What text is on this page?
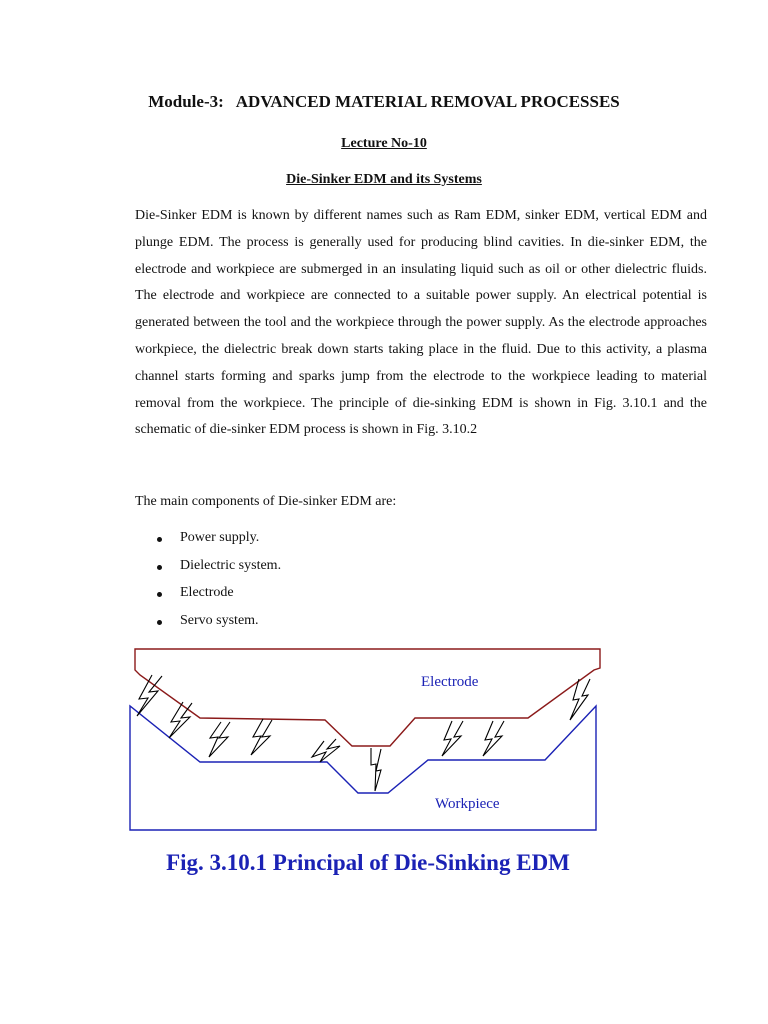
Module-3: ADVANCED MATERIAL REMOVAL PROCESSES
Lecture No-10
Die-Sinker EDM and its Systems

Die-Sinker EDM is known by different names such as Ram EDM, sinker EDM, vertical EDM and plunge EDM. The process is generally used for producing blind cavities. In die-sinker EDM, the electrode and workpiece are submerged in an insulating liquid such as oil or other dielectric fluids. The electrode and workpiece are connected to a suitable power supply. An electrical potential is generated between the tool and the workpiece through the power supply. As the electrode approaches workpiece, the dielectric break down starts taking place in the fluid. Due to this activity, a plasma channel starts forming and sparks jump from the electrode to the workpiece leading to material removal from the workpiece. The principle of die-sinking EDM is shown in Fig. 3.10.1 and the schematic of die-sinker EDM process is shown in Fig. 3.10.2

The main components of Die-sinker EDM are:

Power supply.
Dielectric system.
Electrode
Servo system.
Electrode
Workpiece
Fig. 3.10.1 Principal of Die-Sinking EDM
